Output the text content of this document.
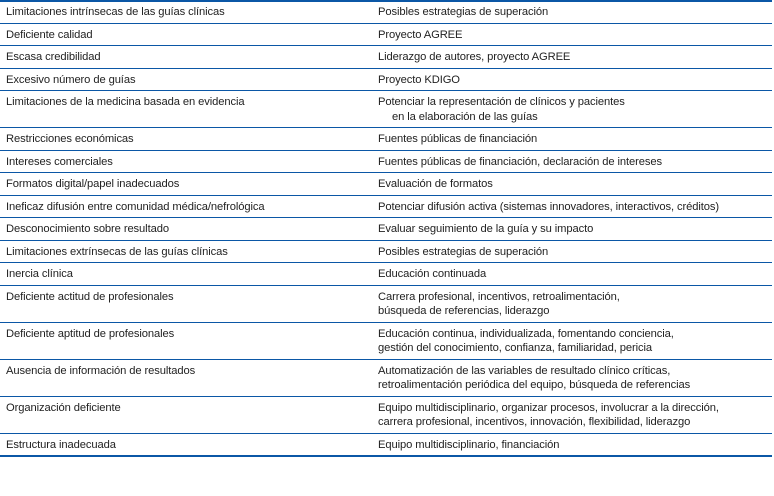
Limitaciones intrínsecas de las guías clínicas	Posibles estrategias de superación
Deficiente calidad	Proyecto AGREE
Escasa credibilidad	Liderazgo de autores, proyecto AGREE
Excesivo número de guías	Proyecto KDIGO
Limitaciones de la medicina basada en evidencia	Potenciar la representación de clínicos y pacientes
en la elaboración de las guías
Restricciones económicas	Fuentes públicas de financiación
Intereses comerciales	Fuentes públicas de financiación, declaración de intereses
Formatos digital/papel inadecuados	Evaluación de formatos
Ineficaz difusión entre comunidad médica/nefrológica	Potenciar difusión activa (sistemas innovadores, interactivos, créditos)
Desconocimiento sobre resultado	Evaluar seguimiento de la guía y su impacto
Limitaciones extrínsecas de las guías clínicas	Posibles estrategias de superación
Inercia clínica	Educación continuada
Deficiente actitud de profesionales	Carrera profesional, incentivos, retroalimentación,
búsqueda de referencias, liderazgo
Deficiente aptitud de profesionales	Educación continua, individualizada, fomentando conciencia,
gestión del conocimiento, confianza, familiaridad, pericia
Ausencia de información de resultados	Automatización de las variables de resultado clínico críticas,
retroalimentación periódica del equipo, búsqueda de referencias
Organización deficiente	Equipo multidisciplinario, organizar procesos, involucrar a la dirección,
carrera profesional, incentivos, innovación, flexibilidad, liderazgo
Estructura inadecuada	Equipo multidisciplinario, financiación
